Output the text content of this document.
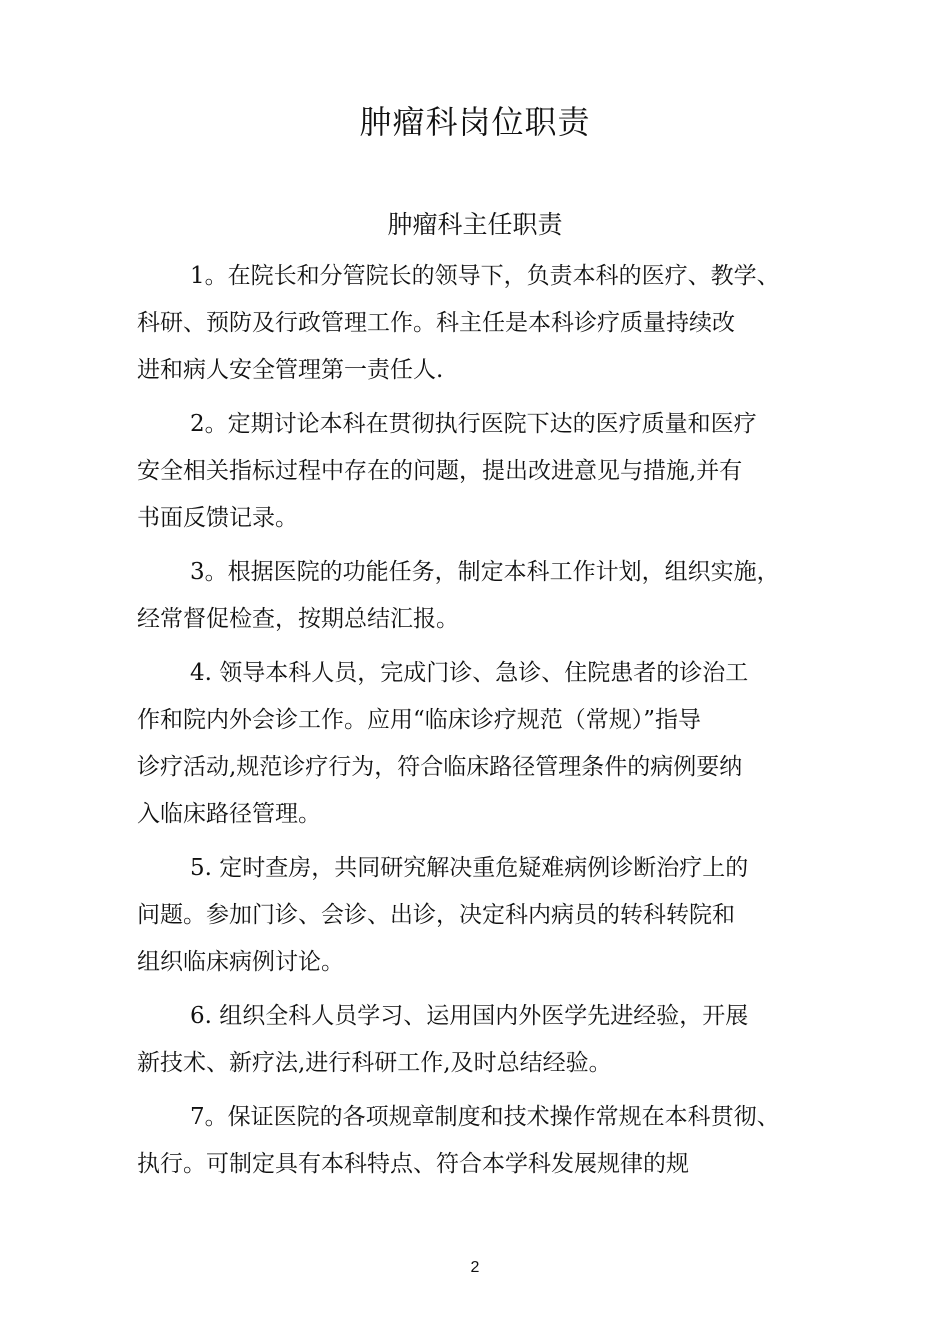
肿瘤科岗位职责
肿瘤科主任职责
1。在院长和分管院长的领导下，负责本科的医疗、教学、
科研、预防及行政管理工作。科主任是本科诊疗质量持续改
进和病人安全管理第一责任人.
2。定期讨论本科在贯彻执行医院下达的医疗质量和医疗
安全相关指标过程中存在的问题，提出改进意见与措施,并有
书面反馈记录。
3。根据医院的功能任务，制定本科工作计划，组织实施，
经常督促检查，按期总结汇报。
4. 领导本科人员，完成门诊、急诊、住院患者的诊治工
作和院内外会诊工作。应用“临床诊疗规范（常规）”指导
诊疗活动,规范诊疗行为，符合临床路径管理条件的病例要纳
入临床路径管理。
5. 定时查房，共同研究解决重危疑难病例诊断治疗上的
问题。参加门诊、会诊、出诊，决定科内病员的转科转院和
组织临床病例讨论。
6. 组织全科人员学习、运用国内外医学先进经验，开展
新技术、新疗法,进行科研工作,及时总结经验。
7。保证医院的各项规章制度和技术操作常规在本科贯彻、
执行。可制定具有本科特点、符合本学科发展规律的规
2
